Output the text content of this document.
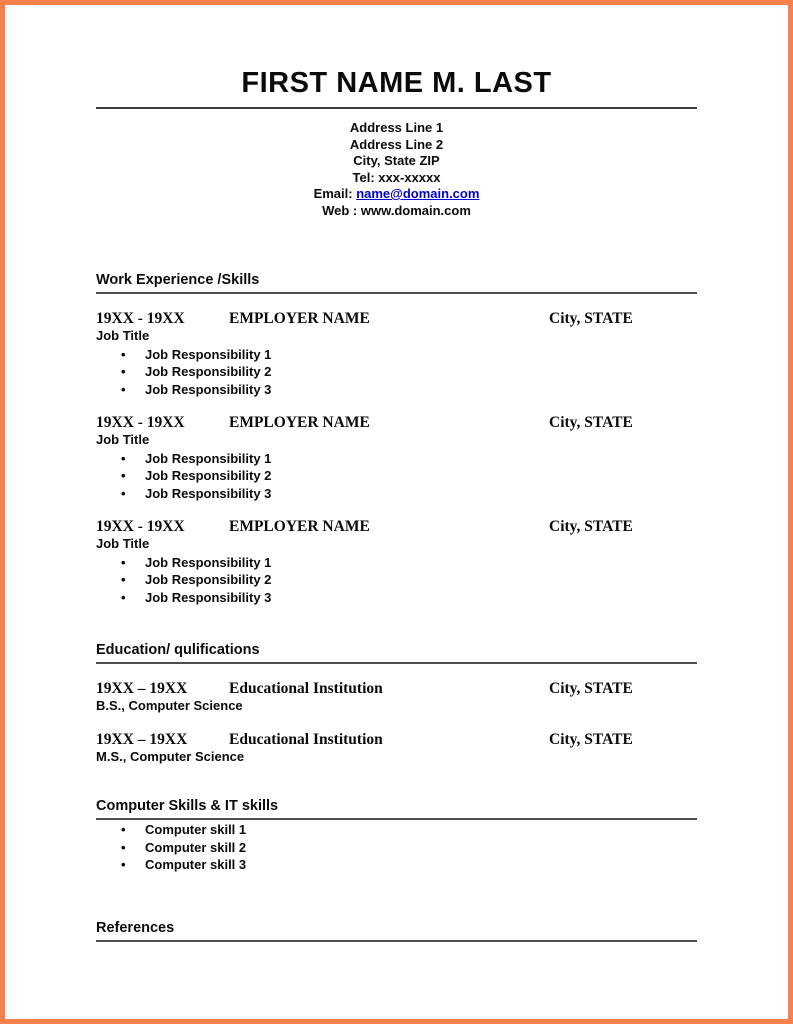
FIRST NAME M. LAST
Address Line 1
Address Line 2
City, State ZIP
Tel: xxx-xxxxx
Email: name@domain.com
Web : www.domain.com
Work Experience /Skills
19XX - 19XX	EMPLOYER NAME	City, STATE
Job Title
•	Job Responsibility 1
•	Job Responsibility 2
•	Job Responsibility 3
19XX - 19XX	EMPLOYER NAME	City, STATE
Job Title
•	Job Responsibility 1
•	Job Responsibility 2
•	Job Responsibility 3
19XX - 19XX	EMPLOYER NAME	City, STATE
Job Title
•	Job Responsibility 1
•	Job Responsibility 2
•	Job Responsibility 3
Education/ qulifications
19XX – 19XX	Educational Institution	City, STATE
B.S., Computer Science
19XX – 19XX	Educational Institution	City, STATE
M.S., Computer Science
Computer Skills & IT skills
•	Computer skill 1
•	Computer skill 2
•	Computer skill 3
References
